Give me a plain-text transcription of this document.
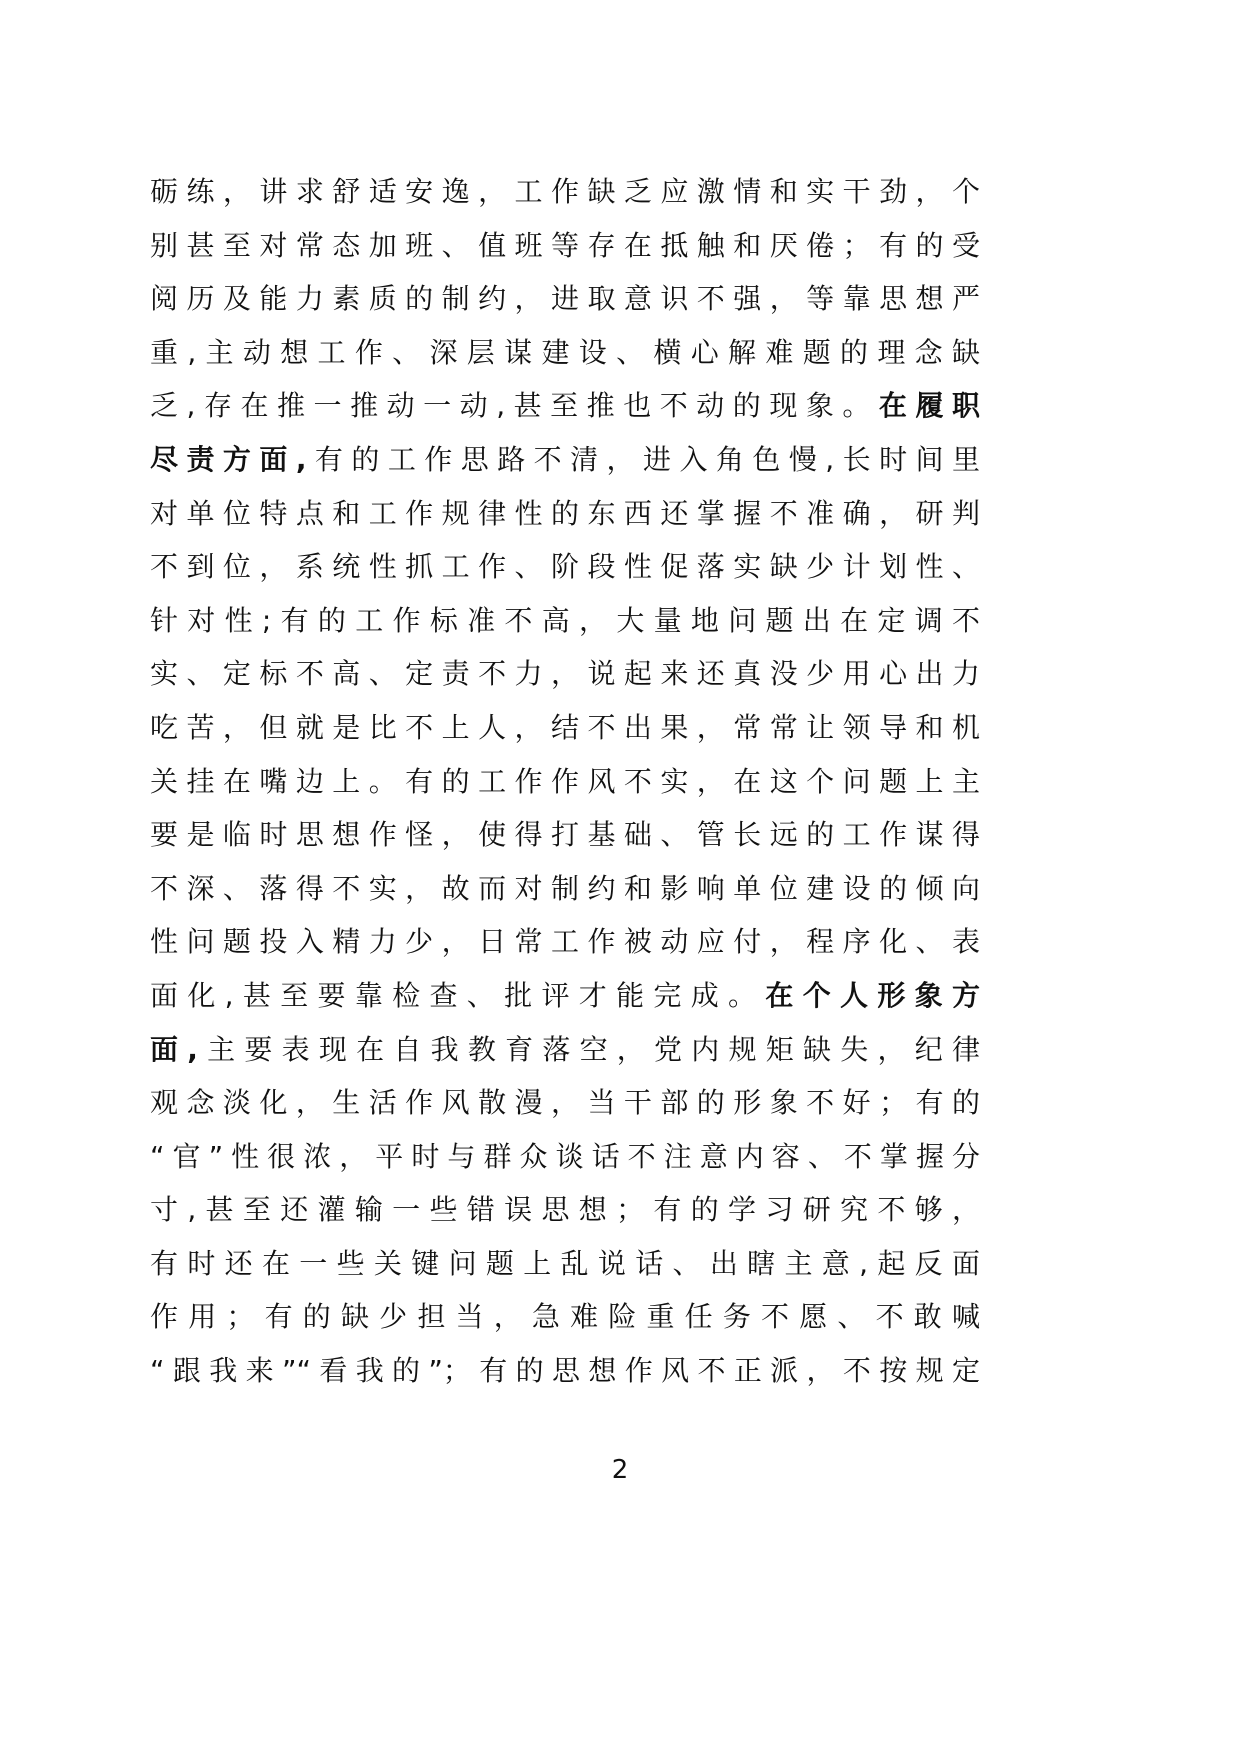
砺练，讲求舒适安逸，工作缺乏应激情和实干劲，个
别甚至对常态加班、值班等存在抵触和厌倦；有的受
阅历及能力素质的制约，进取意识不强，等靠思想严
重,主动想工作、深层谋建设、横心解难题的理念缺
乏,存在推一推动一动,甚至推也不动的现象。在履职
尽责方面,有的工作思路不清，进入角色慢,长时间里
对单位特点和工作规律性的东西还掌握不准确，研判
不到位，系统性抓工作、阶段性促落实缺少计划性、
针对性;有的工作标准不高，大量地问题出在定调不
实、定标不高、定责不力，说起来还真没少用心出力
吃苦，但就是比不上人，结不出果，常常让领导和机
关挂在嘴边上。有的工作作风不实，在这个问题上主
要是临时思想作怪，使得打基础、管长远的工作谋得
不深、落得不实，故而对制约和影响单位建设的倾向
性问题投入精力少，日常工作被动应付，程序化、表
面化,甚至要靠检查、批评才能完成。在个人形象方
面,主要表现在自我教育落空，党内规矩缺失，纪律
观念淡化，生活作风散漫，当干部的形象不好；有的
“官”性很浓，平时与群众谈话不注意内容、不掌握分
寸,甚至还灌输一些错误思想；有的学习研究不够，
有时还在一些关键问题上乱说话、出瞎主意,起反面
作用；有的缺少担当，急难险重任务不愿、不敢喊
“跟我来”“看我的”；有的思想作风不正派，不按规定
2
